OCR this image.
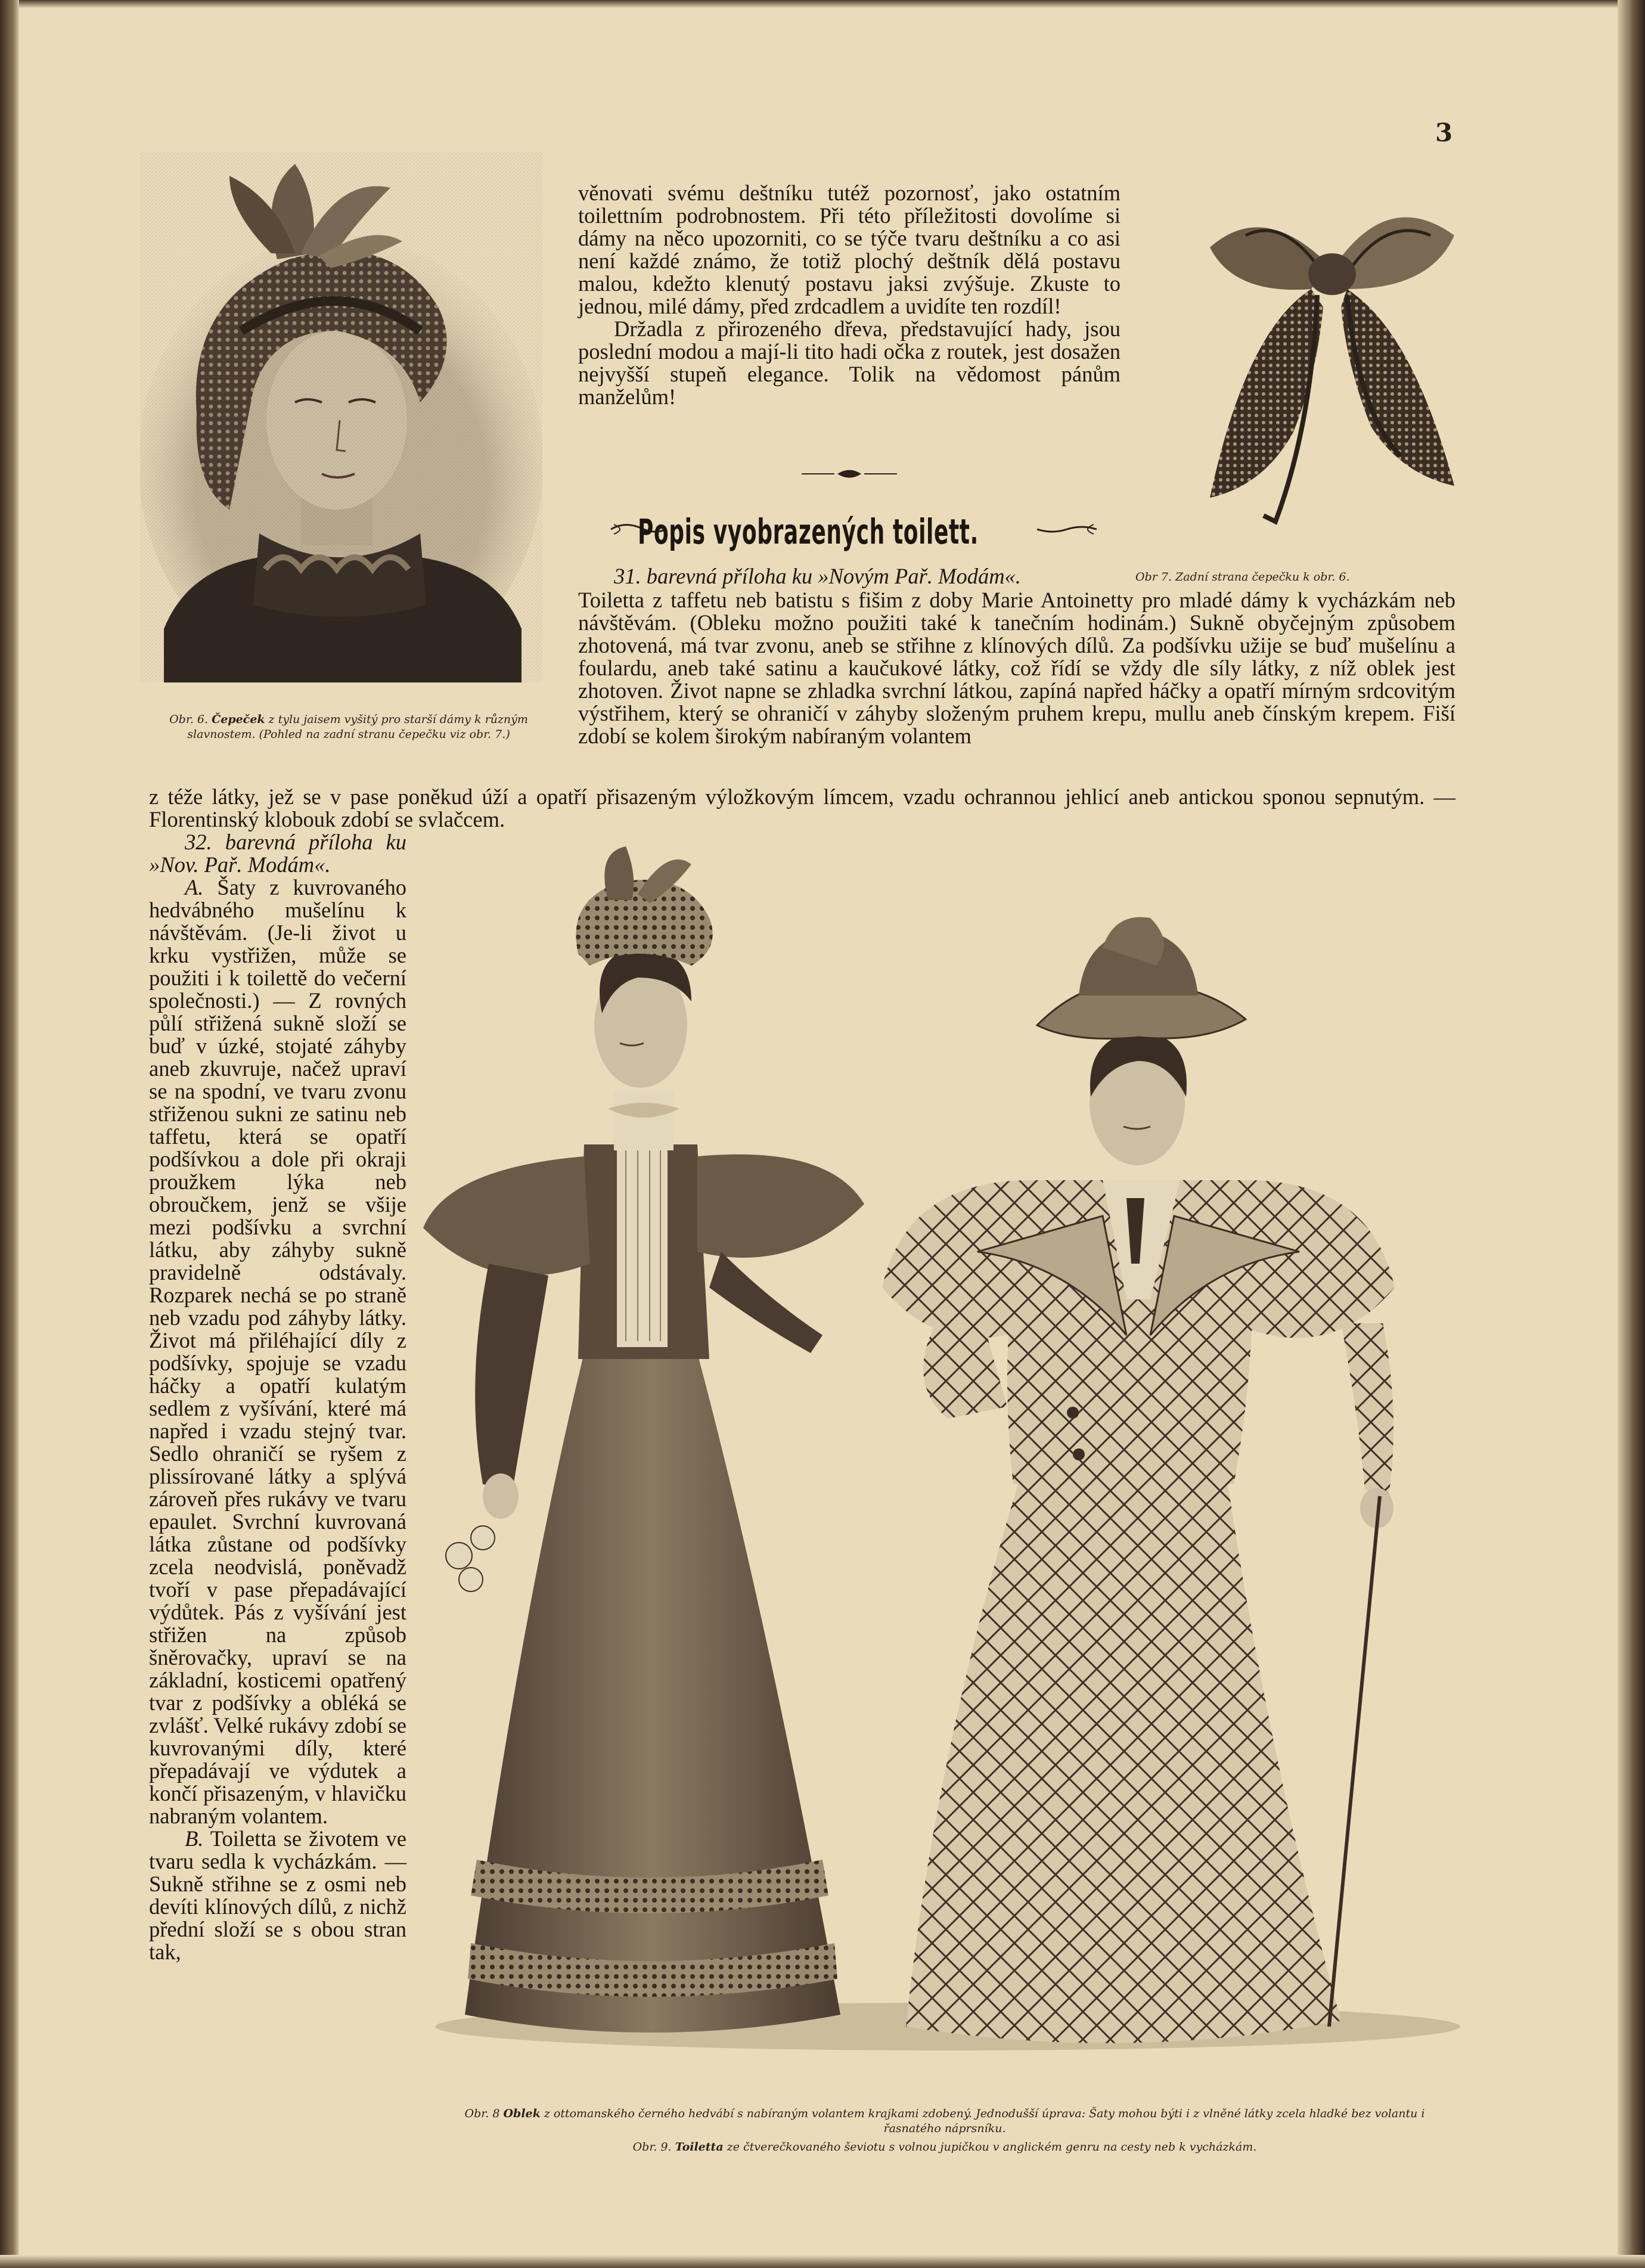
3
Obr. 6. Čepeček z tylu jaisem vyšitý pro starší dámy k různým slavnostem. (Pohled na zadní stranu čepečku viz obr. 7.)

věnovati svému deštníku tutéž pozornosť, jako ostatním toilettním podrobnostem. Při této příležitosti dovolíme si dámy na něco upozorniti, co se týče tvaru deštníku a co asi není každé známo, že totiž plochý deštník dělá postavu malou, kdežto klenutý postavu jaksi zvýšuje. Zkuste to jednou, milé dámy, před zrdcadlem a uvidíte ten rozdíl!

Držadla z přirozeného dřeva, představující hady, jsou poslední modou a mají-li tito hadi očka z routek, jest dosažen nejvyšší stupeň elegance. Tolik na vědomost pánům manželům!

Popis vyobrazených toilett.
31. barevná příloha ku »Novým Pař. Modám«.	Obr 7. Zadní strana čepečku k obr. 6.
Toiletta z taffetu neb batistu s fišim z doby Marie Antoinetty pro mladé dámy k vycházkám neb návštěvám. (Obleku možno použiti také k tanečním hodinám.) Sukně obyčejným způsobem zhotovená, má tvar zvonu, aneb se střihne z klínových dílů. Za podšívku užije se buď mušelínu a foulardu, aneb také satinu a kaučukové látky, což řídí se vždy dle síly látky, z níž oblek jest zhotoven. Život napne se zhladka svrchní látkou, zapíná napřed háčky a opatří mírným srdcovitým výstřihem, který se ohraničí v záhyby složeným pruhem krepu, mullu aneb čínským krepem. Fiší zdobí se kolem širokým nabíraným volantem
z téže látky, jež se v pase poněkud úží a opatří přisazeným výložkovým límcem, vzadu ochrannou jehlicí aneb antickou sponou sepnutým. — Florentinský klobouk zdobí se svlačcem.

32. barevná příloha ku »Nov. Pař. Modám«.

A. Šaty z kuvrovaného hedvábného mušelínu k návštěvám. (Je-li život u krku vystřižen, může se použiti i k toilettě do večerní společnosti.) — Z rovných půlí střižená sukně složí se buď v úzké, stojaté záhyby aneb zkuvruje, načež upraví se na spodní, ve tvaru zvonu střiženou sukni ze satinu neb taffetu, která se opatří podšívkou a dole při okraji proužkem lýka neb obroučkem, jenž se všije mezi podšívku a svrchní látku, aby záhyby sukně pravidelně odstávaly. Rozparek nechá se po straně neb vzadu pod záhyby látky. Život má přiléhající díly z podšívky, spojuje se vzadu háčky a opatří kulatým sedlem z vyšívání, které má napřed i vzadu stejný tvar. Sedlo ohraničí se ryšem z plissírované látky a splývá zároveň přes rukávy ve tvaru epaulet. Svrchní kuvrovaná látka zůstane od podšívky zcela neodvislá, poněvadž tvoří v pase přepadávající výdůtek. Pás z vyšívání jest střižen na způsob šněrovačky, upraví se na základní, kosticemi opatřený tvar z podšívky a obléká se zvlášť. Velké rukávy zdobí se kuvrovanými díly, které přepadávají ve výdutek a končí přisazeným, v hlavičku nabraným volantem.

B. Toiletta se životem ve tvaru sedla k vycházkám. — Sukně střihne se z osmi neb devíti klínových dílů, z nichž přední složí se s obou stran tak,

Obr. 8 Oblek z ottomanského černého hedvábí s nabíraným volantem krajkami zdobený. Jednodušší úprava: Šaty mohou býti i z vlněné látky zcela hladké bez volantu i řasnatého náprsníku.
Obr. 9. Toiletta ze čtverečkovaného ševiotu s volnou jupičkou v anglickém genru na cesty neb k vycházkám.
